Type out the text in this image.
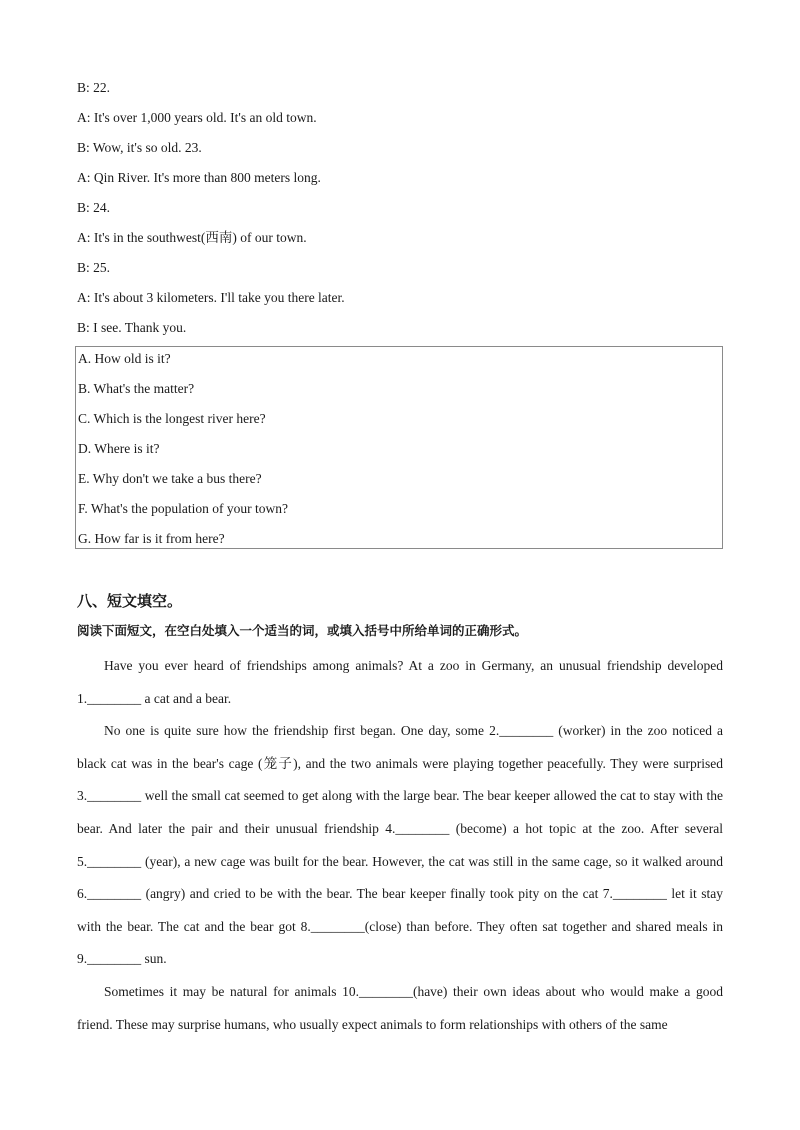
B: 22.
A: It's over 1,000 years old. It's an old town.
B: Wow, it's so old. 23.
A: Qin River. It's more than 800 meters long.
B: 24.
A: It's in the southwest(西南) of our town.
B: 25.
A: It's about 3 kilometers. I'll take you there later.
B: I see. Thank you.
A. How old is it?
B. What's the matter?
C. Which is the longest river here?
D. Where is it?
E. Why don't we take a bus there?
F. What's the population of your town?
G. How far is it from here?
八、短文填空。
阅读下面短文，在空白处填入一个适当的词，或填入括号中所给单词的正确形式。

Have you ever heard of friendships among animals? At a zoo in Germany, an unusual friendship developed 1.________ a cat and a bear.

No one is quite sure how the friendship first began. One day, some 2.________ (worker) in the zoo noticed a black cat was in the bear's cage (笼子), and the two animals were playing together peacefully. They were surprised 3.________ well the small cat seemed to get along with the large bear. The bear keeper allowed the cat to stay with the bear. And later the pair and their unusual friendship 4.________ (become) a hot topic at the zoo. After several 5.________ (year), a new cage was built for the bear. However, the cat was still in the same cage, so it walked around 6.________ (angry) and cried to be with the bear. The bear keeper finally took pity on the cat 7.________ let it stay with the bear. The cat and the bear got 8.________(close) than before. They often sat together and shared meals in 9.________ sun.

Sometimes it may be natural for animals 10.________(have) their own ideas about who would make a good friend. These may surprise humans, who usually expect animals to form relationships with others of the same
